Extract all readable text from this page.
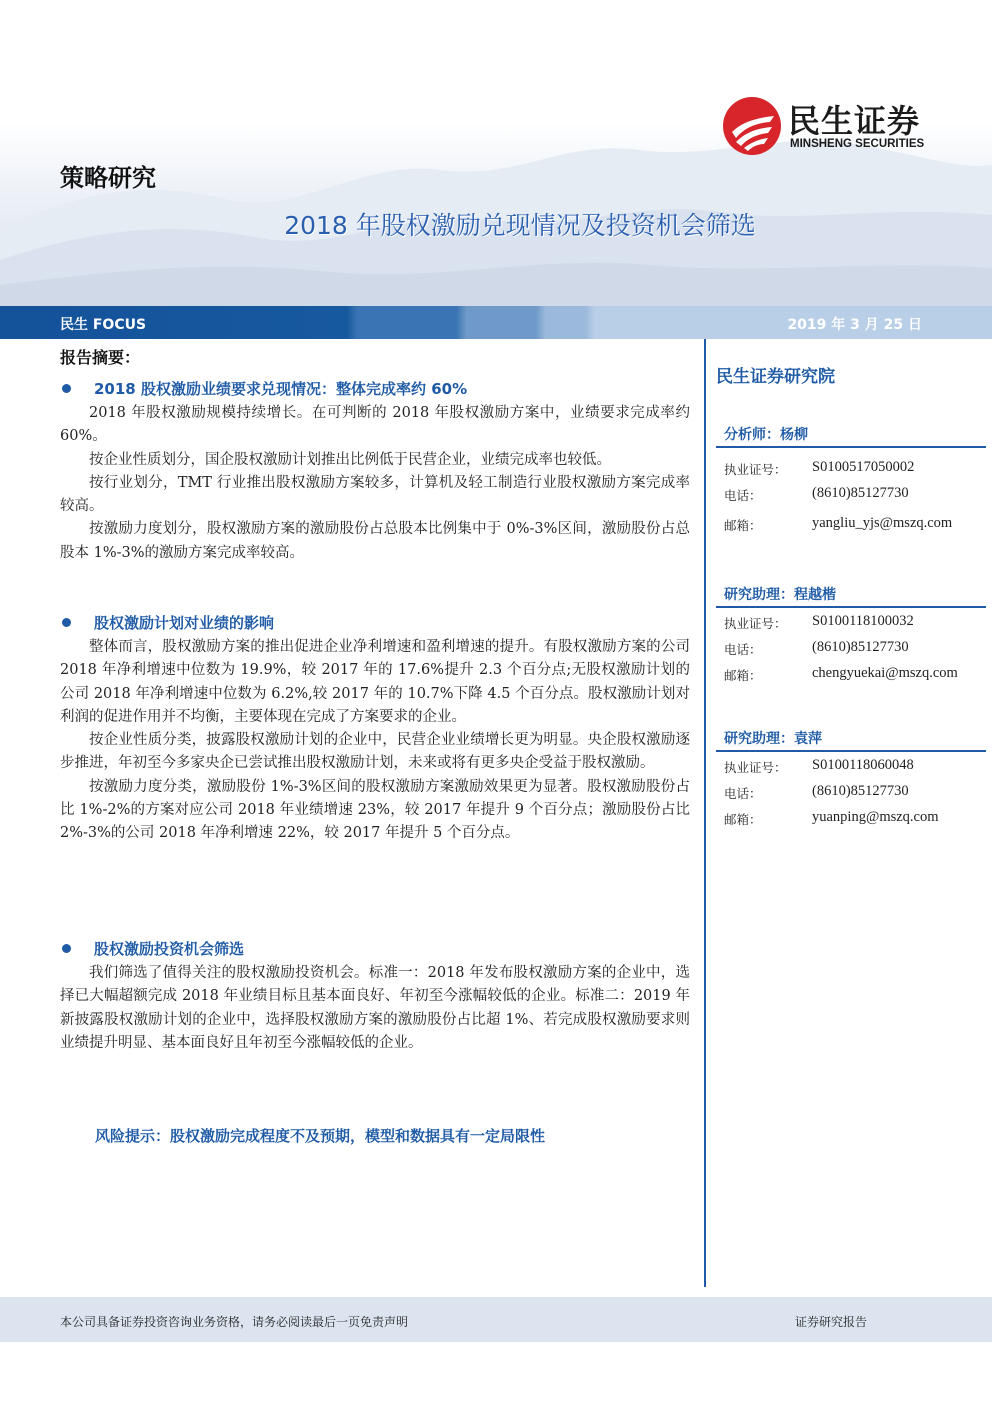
民生证券
MINSHENG SECURITIES
策略研究
2018 年股权激励兑现情况及投资机会筛选
民生 FOCUS	2019 年 3 月 25 日
报告摘要：
2018 股权激励业绩要求兑现情况：整体完成率约 60%

2018 年股权激励规模持续增长。在可判断的 2018 年股权激励方案中，业绩要求完成率约 60%。

按企业性质划分，国企股权激励计划推出比例低于民营企业，业绩完成率也较低。

按行业划分，TMT 行业推出股权激励方案较多，计算机及轻工制造行业股权激励方案完成率较高。

按激励力度划分，股权激励方案的激励股份占总股本比例集中于 0%-3%区间，激励股份占总股本 1%-3%的激励方案完成率较高。

股权激励计划对业绩的影响

整体而言，股权激励方案的推出促进企业净利增速和盈利增速的提升。有股权激励方案的公司 2018 年净利增速中位数为 19.9%，较 2017 年的 17.6%提升 2.3 个百分点;无股权激励计划的公司 2018 年净利增速中位数为 6.2%,较 2017 年的 10.7%下降 4.5 个百分点。股权激励计划对利润的促进作用并不均衡，主要体现在完成了方案要求的企业。

按企业性质分类，披露股权激励计划的企业中，民营企业业绩增长更为明显。央企股权激励逐步推进，年初至今多家央企已尝试推出股权激励计划，未来或将有更多央企受益于股权激励。

按激励力度分类，激励股份 1%-3%区间的股权激励方案激励效果更为显著。股权激励股份占比 1%-2%的方案对应公司 2018 年业绩增速 23%，较 2017 年提升 9 个百分点；激励股份占比 2%-3%的公司 2018 年净利增速 22%，较 2017 年提升 5 个百分点。

股权激励投资机会筛选

我们筛选了值得关注的股权激励投资机会。标准一：2018 年发布股权激励方案的企业中，选择已大幅超额完成 2018 年业绩目标且基本面良好、年初至今涨幅较低的企业。标准二：2019 年新披露股权激励计划的企业中，选择股权激励方案的激励股份占比超 1%、若完成股权激励要求则业绩提升明显、基本面良好且年初至今涨幅较低的企业。

风险提示：股权激励完成程度不及预期，模型和数据具有一定局限性
民生证券研究院
分析师：杨柳
执业证号： S0100517050002
电话：	(8610)85127730
邮箱：	yangliu_yjs@mszq.com
研究助理：程越楷
执业证号： S0100118100032
电话：	(8610)85127730
邮箱：	chengyuekai@mszq.com
研究助理：袁萍
执业证号： S0100118060048
电话：	(8610)85127730
邮箱：	yuanping@mszq.com
本公司具备证券投资咨询业务资格，请务必阅读最后一页免责声明	证券研究报告
